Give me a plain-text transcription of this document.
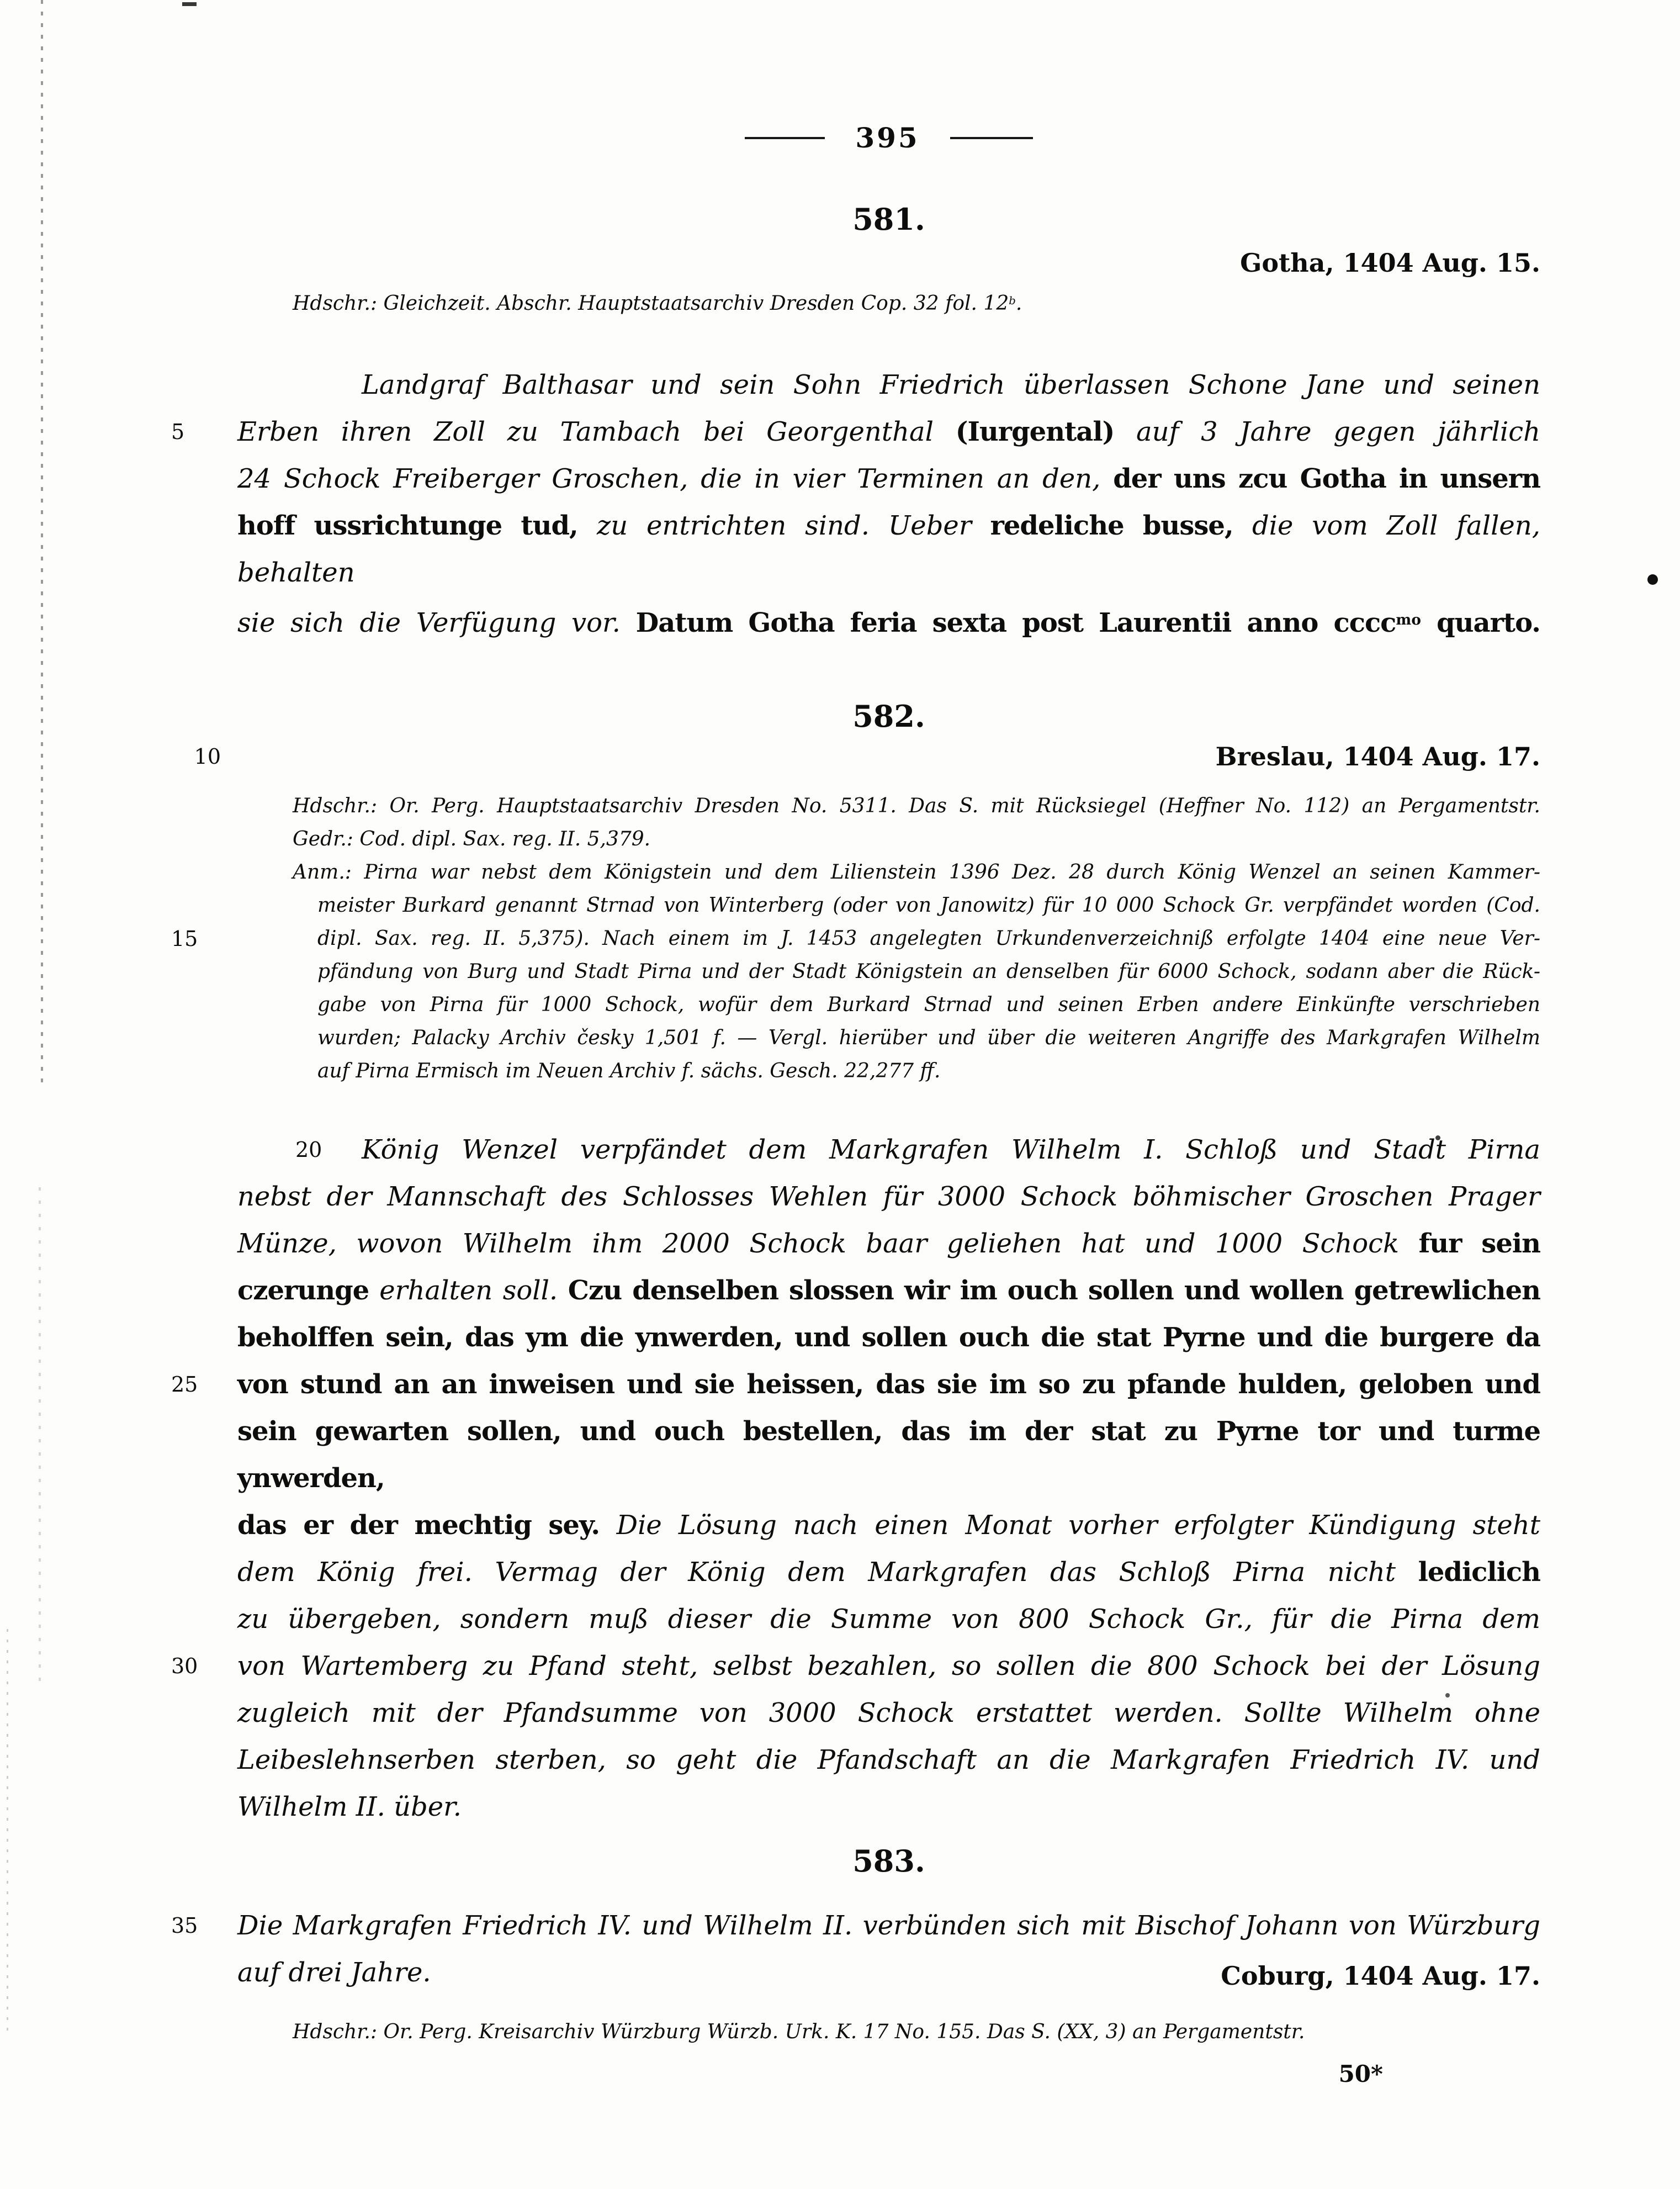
395
581.
Gotha, 1404 Aug. 15.
Hdschr.: Gleichzeit. Abschr. Hauptstaatsarchiv Dresden Cop. 32 fol. 12$^b$.
Landgraf Balthasar und sein Sohn Friedrich überlassen Schone Jane und seinen
5	Erben ihren Zoll zu Tambach bei Georgenthal (Iurgental) auf 3 Jahre gegen jährlich
24 Schock Freiberger Groschen, die in vier Terminen an den, der uns zcu Gotha in unsern
hoff ussrichtunge tud, zu entrichten sind. Ueber redeliche busse, die vom Zoll fallen, behalten
sie sich die Verfügung vor. Datum Gotha feria sexta post Laurentii anno cccc$^{mo}$ quarto.
582.
10	Breslau, 1404 Aug. 17.
Hdschr.: Or. Perg. Hauptstaatsarchiv Dresden No. 5311. Das S. mit Rücksiegel (Heffner No. 112) an Pergamentstr.
Gedr.: Cod. dipl. Sax. reg. II. 5,379.
Anm.: Pirna war nebst dem Königstein und dem Lilienstein 1396 Dez. 28 durch König Wenzel an seinen Kammer-
meister Burkard genannt Strnad von Winterberg (oder von Janowitz) für 10 000 Schock Gr. verpfändet worden (Cod.
15	dipl. Sax. reg. II. 5,375). Nach einem im J. 1453 angelegten Urkundenverzeichniß erfolgte 1404 eine neue Ver-
pfändung von Burg und Stadt Pirna und der Stadt Königstein an denselben für 6000 Schock, sodann aber die Rück-
gabe von Pirna für 1000 Schock, wofür dem Burkard Strnad und seinen Erben andere Einkünfte verschrieben
wurden; Palacky Archiv česky 1,501 f. — Vergl. hierüber und über die weiteren Angriffe des Markgrafen Wilhelm
auf Pirna Ermisch im Neuen Archiv f. sächs. Gesch. 22,277 ff.
20 König Wenzel verpfändet dem Markgrafen Wilhelm I. Schloß und Stadt Pirna
nebst der Mannschaft des Schlosses Wehlen für 3000 Schock böhmischer Groschen Prager
Münze, wovon Wilhelm ihm 2000 Schock baar geliehen hat und 1000 Schock fur sein
czerunge erhalten soll. Czu denselben slossen wir im ouch sollen und wollen getrewlichen
beholffen sein, das ym die ynwerden, und sollen ouch die stat Pyrne und die burgere da
25	von stund an an inweisen und sie heissen, das sie im so zu pfande hulden, geloben und
sein gewarten sollen, und ouch bestellen, das im der stat zu Pyrne tor und turme ynwerden,
das er der mechtig sey. Die Lösung nach einen Monat vorher erfolgter Kündigung steht
dem König frei. Vermag der König dem Markgrafen das Schloß Pirna nicht lediclich
zu übergeben, sondern muß dieser die Summe von 800 Schock Gr., für die Pirna dem
30	von Wartemberg zu Pfand steht, selbst bezahlen, so sollen die 800 Schock bei der Lösung
zugleich mit der Pfandsumme von 3000 Schock erstattet werden. Sollte Wilhelm ohne
Leibeslehnserben sterben, so geht die Pfandschaft an die Markgrafen Friedrich IV. und
Wilhelm II. über.
583.
Coburg, 1404 Aug. 17.
35	Die Markgrafen Friedrich IV. und Wilhelm II. verbünden sich mit Bischof Johann von Würzburg
auf drei Jahre.
Hdschr.: Or. Perg. Kreisarchiv Würzburg Würzb. Urk. K. 17 No. 155. Das S. (XX, 3) an Pergamentstr.
50*
